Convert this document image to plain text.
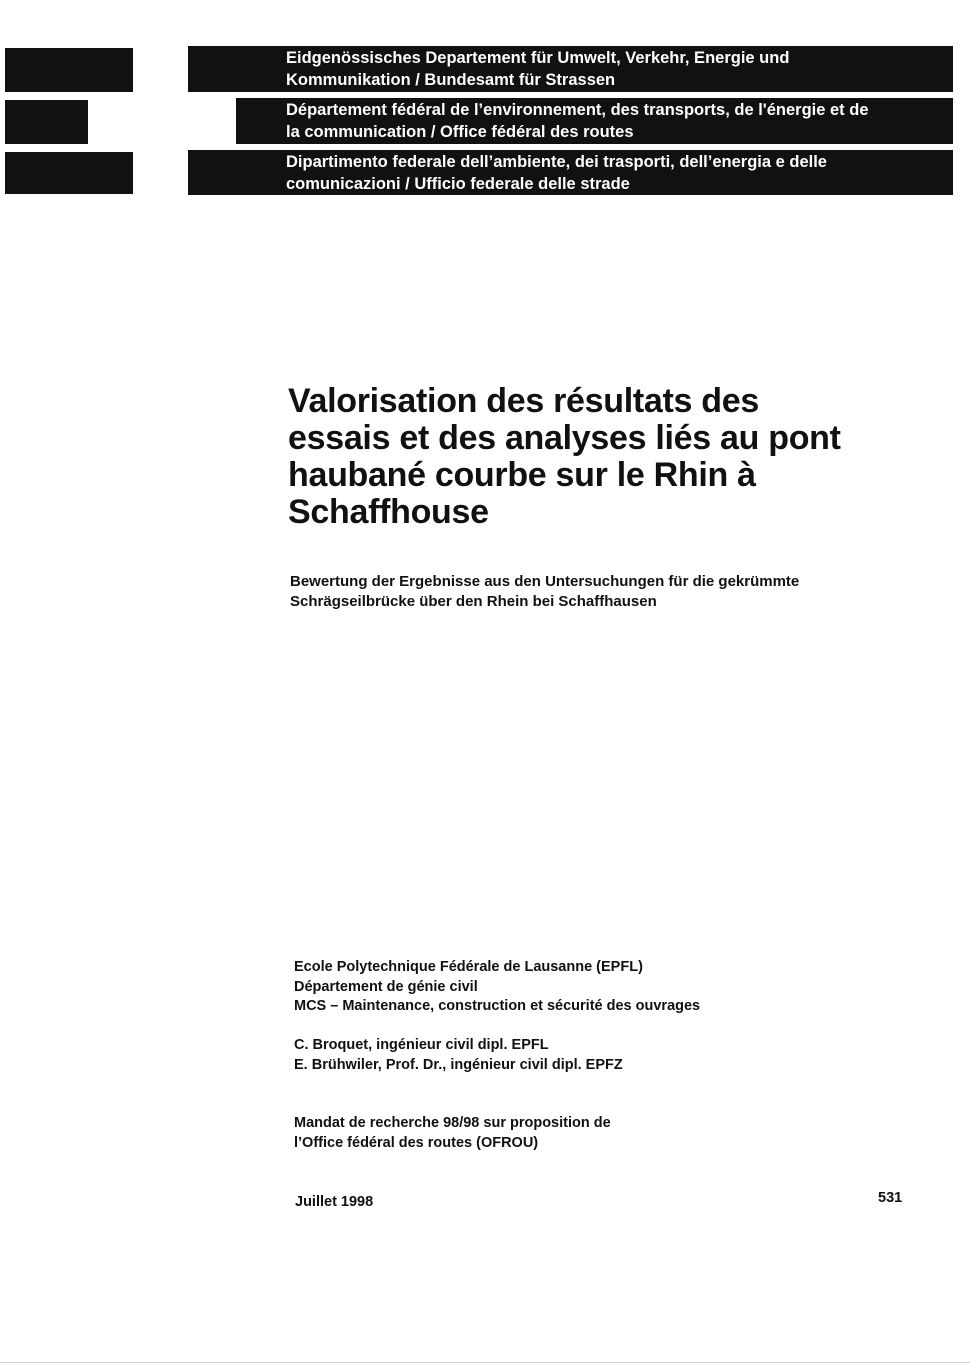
Eidgenössisches Departement für Umwelt, Verkehr, Energie und
Kommunikation / Bundesamt für Strassen
Département fédéral de l’environnement, des transports, de l'énergie et de
la communication / Office fédéral des routes
Dipartimento federale dell’ambiente, dei trasporti, dell’energia e delle
comunicazioni / Ufficio federale delle strade
Valorisation des résultats des
essais et des analyses liés au pont
haubané courbe sur le Rhin à
Schaffhouse
Bewertung der Ergebnisse aus den Untersuchungen für die gekrümmte
Schrägseilbrücke über den Rhein bei Schaffhausen
Ecole Polytechnique Fédérale de Lausanne (EPFL)
Département de génie civil
MCS – Maintenance, construction et sécurité des ouvrages
C. Broquet, ingénieur civil dipl. EPFL
E. Brühwiler, Prof. Dr., ingénieur civil dipl. EPFZ
Mandat de recherche 98/98 sur proposition de
l’Office fédéral des routes (OFROU)
Juillet 1998	531
